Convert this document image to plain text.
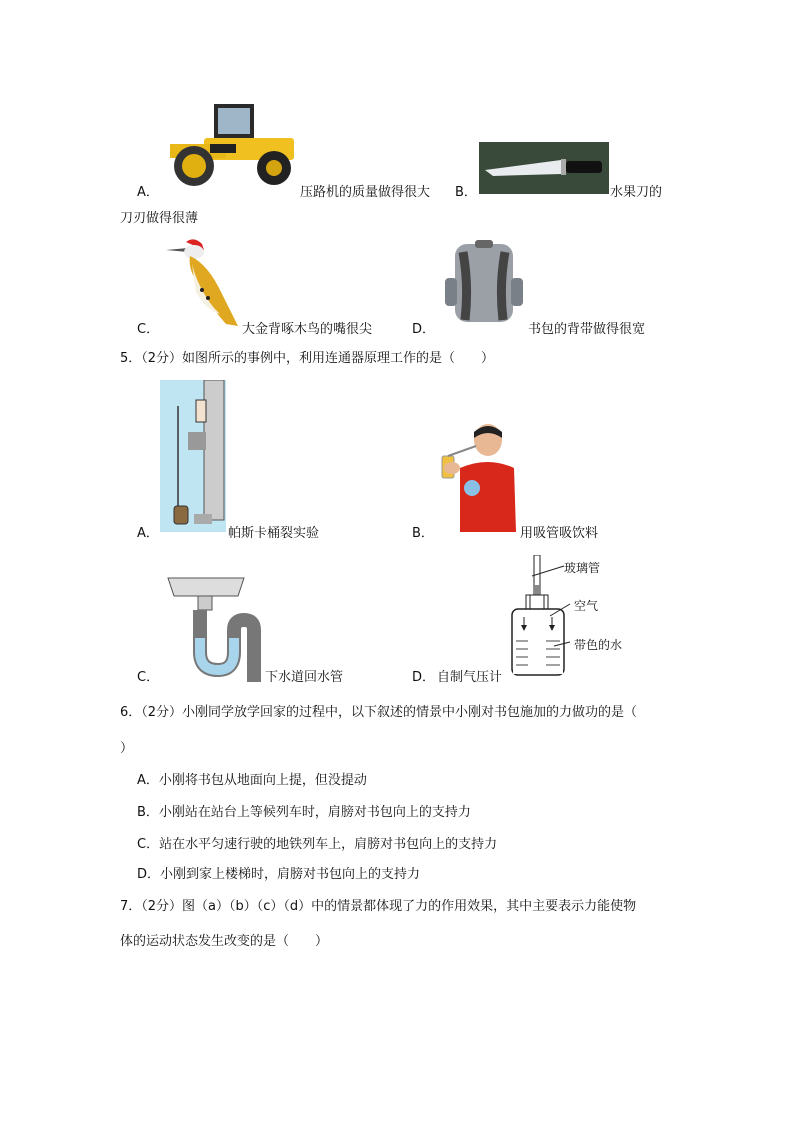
A．	压路机的质量做得很大 B．	水果刀的
刀刃做得很薄
C．	大金背啄木鸟的嘴很尖	D．	书包的背带做得很宽
5．（2分）如图所示的事例中，利用连通器原理工作的是（　　）
A．	帕斯卡桶裂实验	B．	用吸管吸饮料
C．	下水道回水管	D． 自制气压计
玻璃管
空气
带色的水
6．（2分）小刚同学放学回家的过程中，以下叙述的情景中小刚对书包施加的力做功的是（
）
A．小刚将书包从地面向上提，但没提动
B．小刚站在站台上等候列车时，肩膀对书包向上的支持力
C．站在水平匀速行驶的地铁列车上，肩膀对书包向上的支持力
D．小刚到家上楼梯时，肩膀对书包向上的支持力
7．（2分）图（a）（b）（c）（d）中的情景都体现了力的作用效果，其中主要表示力能使物
体的运动状态发生改变的是（　　）
